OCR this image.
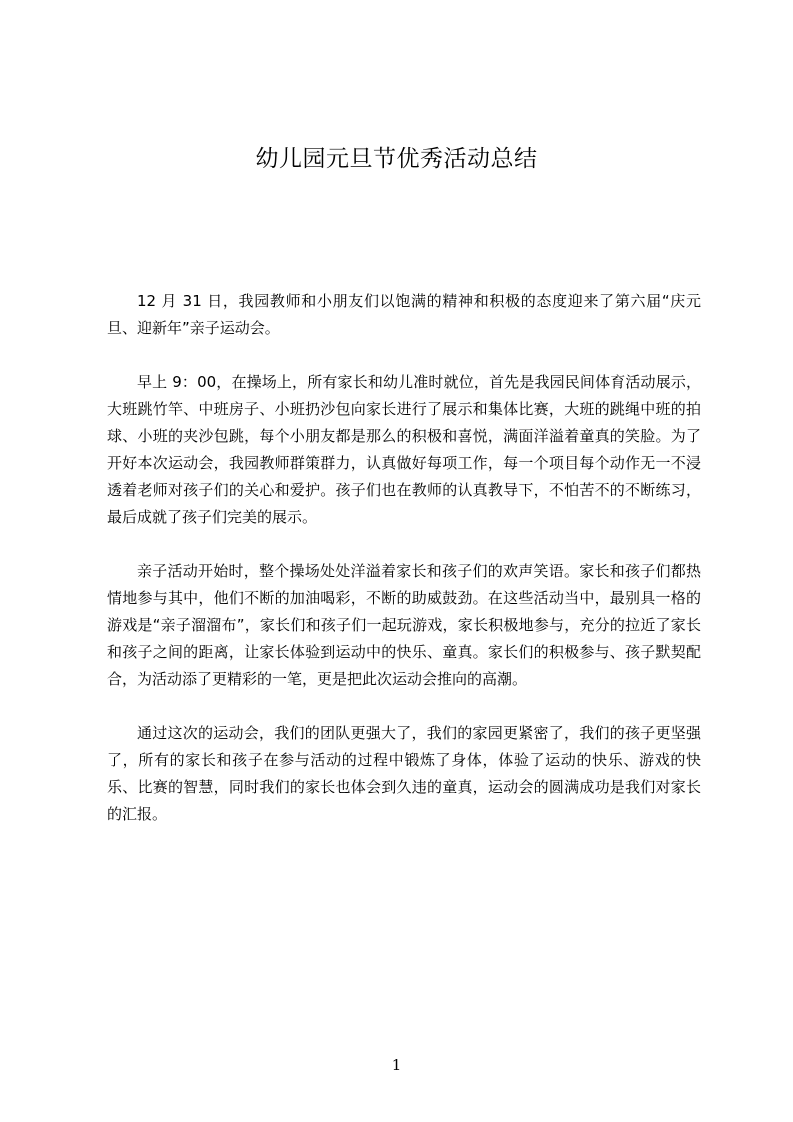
幼儿园元旦节优秀活动总结

12 月 31 日，我园教师和小朋友们以饱满的精神和积极的态度迎来了第六届“庆元旦、迎新年”亲子运动会。

早上 9：00，在操场上，所有家长和幼儿准时就位，首先是我园民间体育活动展示，大班跳竹竿、中班房子、小班扔沙包向家长进行了展示和集体比赛，大班的跳绳中班的拍球、小班的夹沙包跳，每个小朋友都是那么的积极和喜悦，满面洋溢着童真的笑脸。为了开好本次运动会，我园教师群策群力，认真做好每项工作，每一个项目每个动作无一不浸透着老师对孩子们的关心和爱护。孩子们也在教师的认真教导下，不怕苦不的不断练习，最后成就了孩子们完美的展示。

亲子活动开始时，整个操场处处洋溢着家长和孩子们的欢声笑语。家长和孩子们都热情地参与其中，他们不断的加油喝彩，不断的助威鼓劲。在这些活动当中，最别具一格的游戏是“亲子溜溜布”，家长们和孩子们一起玩游戏，家长积极地参与，充分的拉近了家长和孩子之间的距离，让家长体验到运动中的快乐、童真。家长们的积极参与、孩子默契配合，为活动添了更精彩的一笔，更是把此次运动会推向的高潮。

通过这次的运动会，我们的团队更强大了，我们的家园更紧密了，我们的孩子更坚强了，所有的家长和孩子在参与活动的过程中锻炼了身体，体验了运动的快乐、游戏的快乐、比赛的智慧，同时我们的家长也体会到久违的童真，运动会的圆满成功是我们对家长的汇报。

1
